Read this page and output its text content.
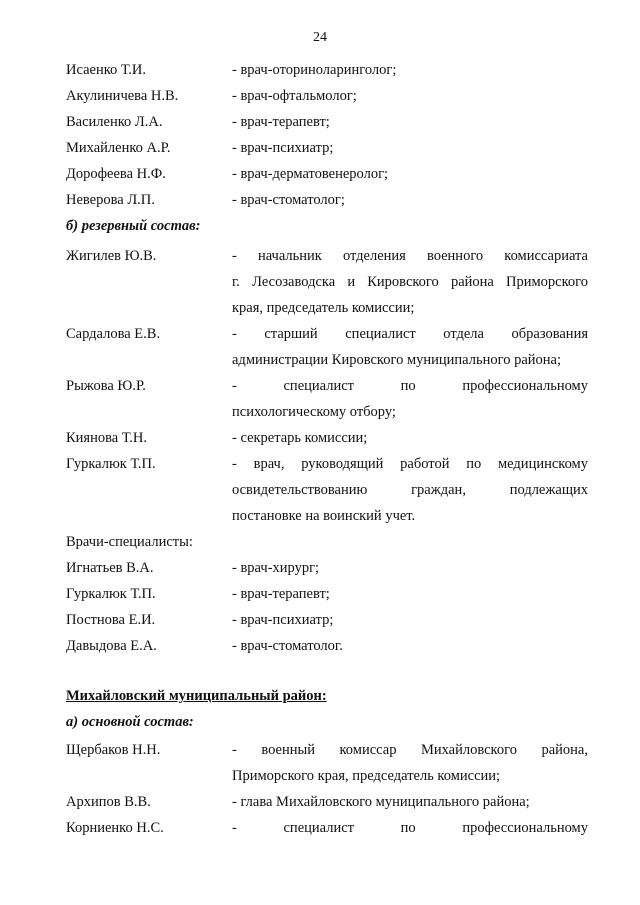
24
Исаенко Т.И.	- врач-оториноларинголог;
Акулиничева Н.В.	- врач-офтальмолог;
Василенко Л.А.	- врач-терапевт;
Михайленко А.Р.	- врач-психиатр;
Дорофеева Н.Ф.	- врач-дерматовенеролог;
Неверова Л.П.	- врач-стоматолог;
б) резервный состав:
Жигилев Ю.В.	- начальник отделения военного комиссариата
г. Лесозаводска и Кировского района Приморского
края, председатель комиссии;
Сардалова Е.В.	- старший специалист отдела образования
администрации Кировского муниципального района;
Рыжова Ю.Р.	- специалист по профессиональному
психологическому отбору;
Киянова Т.Н.	- секретарь комиссии;
Гуркалюк Т.П.	- врач, руководящий работой по медицинскому
освидетельствованию граждан, подлежащих
постановке на воинский учет.
Врачи-специалисты:
Игнатьев В.А.	- врач-хирург;
Гуркалюк Т.П.	- врач-терапевт;
Постнова Е.И.	- врач-психиатр;
Давыдова Е.А.	- врач-стоматолог.
Михайловский муниципальный район:
а) основной состав:
Щербаков Н.Н.	- военный комиссар Михайловского района,
Приморского края, председатель комиссии;
Архипов В.В.	- глава Михайловского муниципального района;
Корниенко Н.С.	- специалист по профессиональному
